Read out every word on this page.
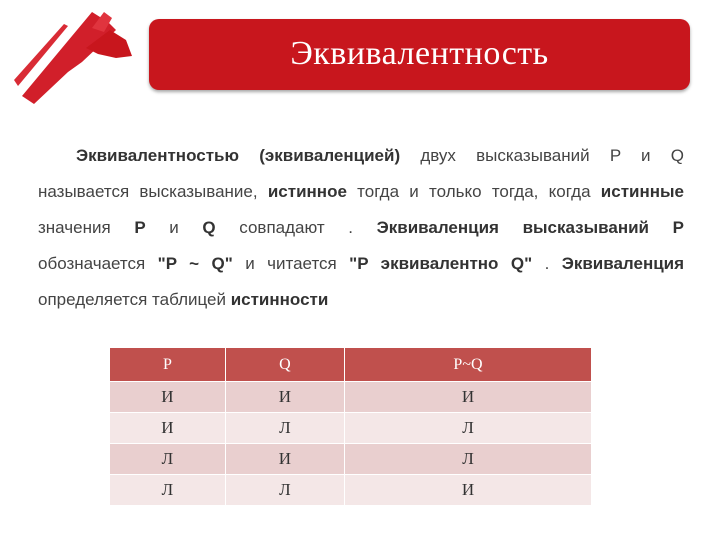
Эквивалентность
Эквивалентностью (эквиваленцией) двух высказываний P и Q
называется высказывание, истинное тогда и только тогда, когда истинные
значения P и Q совпадают . Эквиваленция высказываний P
обозначается "P ~ Q" и читается "P эквивалентно Q" . Эквиваленция
определяется таблицей истинности
P	Q	P~Q
И	И	И
И	Л	Л
Л	И	Л
Л	Л	И
